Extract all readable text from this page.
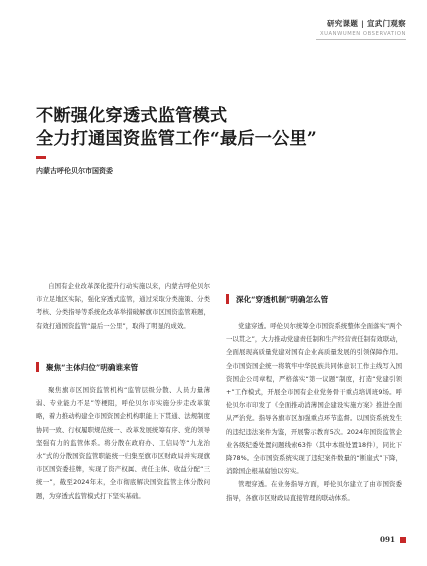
研究课题 | 宣武门观察
XUANWUMEN OBSERVATION
不断强化穿透式监管模式
全力打通国资监管工作“最后一公里”
内蒙古呼伦贝尔市国资委

自国有企业改革深化提升行动实施以来，内蒙古呼伦贝尔市立足地区实际，强化穿透式监管，通过采取分类施策、分类考核、分类指导等系统化改革举措破解旗市区国资监管难题，有效打通国资监管“最后一公里”，取得了明显的成效。

聚焦“主体归位”明确谁来管

聚焦旗市区国资监管机构“监管层级分散、人员力量薄弱、专业能力不足”等梗阻，呼伦贝尔市实施分步走改革策略，着力推动构建全市国资国企机构职能上下贯通、法规制度协同一致、行权履职规范统一、改革发展统筹有序、党的领导坚强有力的监管体系。将分散在政府办、工信局等“九龙治水”式的分散国资监管职能统一归集至旗市区财政局并实现旗市区国资委挂牌，实现了资产权属、责任主体、收益分配“三统一”，截至2024年末，全市彻底解决国资监管主体分散问题，为穿透式监管模式打下坚实基础。

深化“穿透机制”明确怎么管

党建穿透。呼伦贝尔统筹全市国资系统整体全面落实“两个一以贯之”，大力推动党建责任制和生产经营责任制有效联动，全面展现高质量党建对国有企业高质量发展的引领保障作用。全市国资国企统一将筑牢中华民族共同体意识工作主线写入国资国企公司章程，严格落实“第一议题”制度，打造“党建引领+”工作模式，开展全市国有企业党务骨干重点培训班9场。呼伦贝尔市印发了《全面推动消薄国企建设实施方案》推进全面从严治党。指导各旗市区加强重点环节监督。以国资系统发生的违纪违法案件为鉴，开展警示教育5次。2024年国资监管企业各级纪委处置问题线索63件（其中本级处置18件），同比下降78%。全市国资系统实现了违纪案件数量的“断崖式”下降，消除国企根基腐蚀以穷实。

管理穿透。在业务指导方面，呼伦贝尔建立了由市国资委指导，各旗市区财政局直接管理的联动体系。

091
